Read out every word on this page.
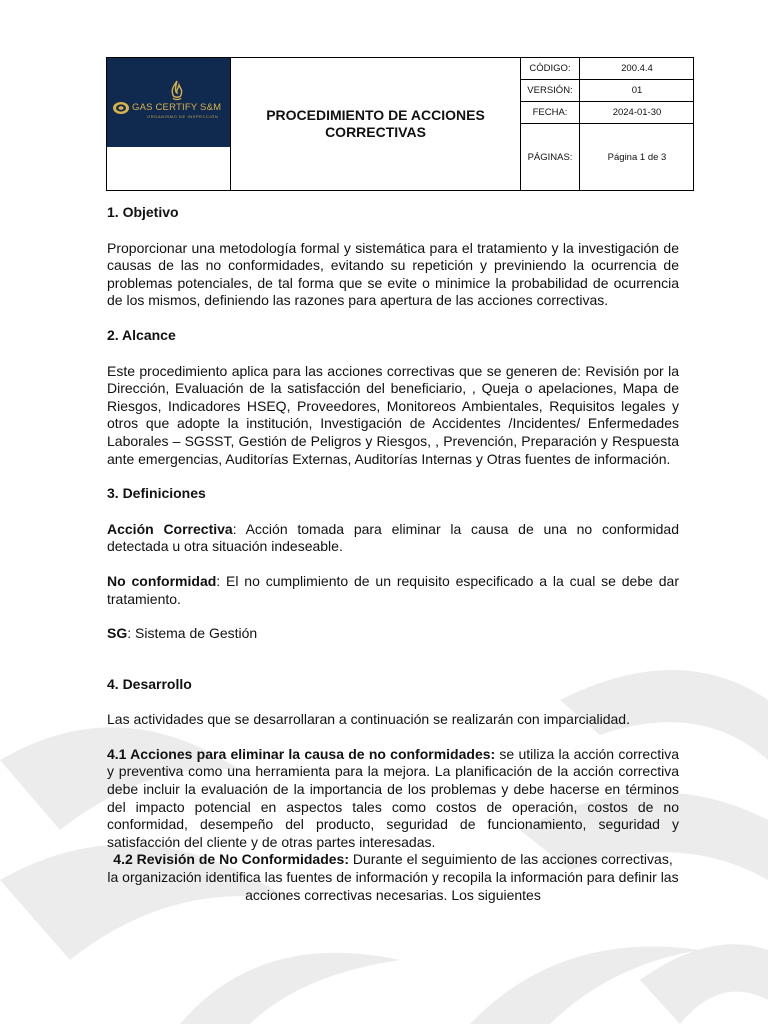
GAS CERTIFY S&M
ORGANISMO DE INSPECCIÓN	PROCEDIMIENTO DE ACCIONES CORRECTIVAS
CÓDIGO:	200.4.4
VERSIÓN:	01
FECHA:	2024-01-30
PÁGINAS:	Página 1 de 3
1. Objetivo

Proporcionar una metodología formal y sistemática para el tratamiento y la investigación de causas de las no conformidades, evitando su repetición y previniendo la ocurrencia de problemas potenciales, de tal forma que se evite o minimice la probabilidad de ocurrencia de los mismos, definiendo las razones para apertura de las acciones correctivas.

2. Alcance

Este procedimiento aplica para las acciones correctivas que se generen de: Revisión por la Dirección, Evaluación de la satisfacción del beneficiario, , Queja o apelaciones, Mapa de Riesgos, Indicadores HSEQ, Proveedores, Monitoreos Ambientales, Requisitos legales y otros que adopte la institución, Investigación de Accidentes /Incidentes/ Enfermedades Laborales – SGSST, Gestión de Peligros y Riesgos, , Prevención, Preparación y Respuesta ante emergencias, Auditorías Externas, Auditorías Internas y Otras fuentes de información.

3. Definiciones

Acción Correctiva: Acción tomada para eliminar la causa de una no conformidad detectada u otra situación indeseable.

No conformidad: El no cumplimiento de un requisito especificado a la cual se debe dar tratamiento.

SG: Sistema de Gestión

4. Desarrollo

Las actividades que se desarrollaran a continuación se realizarán con imparcialidad.

4.1 Acciones para eliminar la causa de no conformidades: se utiliza la acción correctiva y preventiva como una herramienta para la mejora. La planificación de la acción correctiva debe incluir la evaluación de la importancia de los problemas y debe hacerse en términos del impacto potencial en aspectos tales como costos de operación, costos de no conformidad, desempeño del producto, seguridad de funcionamiento, seguridad y satisfacción del cliente y de otras partes interesadas.

4.2 Revisión de No Conformidades: Durante el seguimiento de las acciones correctivas, la organización identifica las fuentes de información y recopila la información para definir las acciones correctivas necesarias. Los siguientes
